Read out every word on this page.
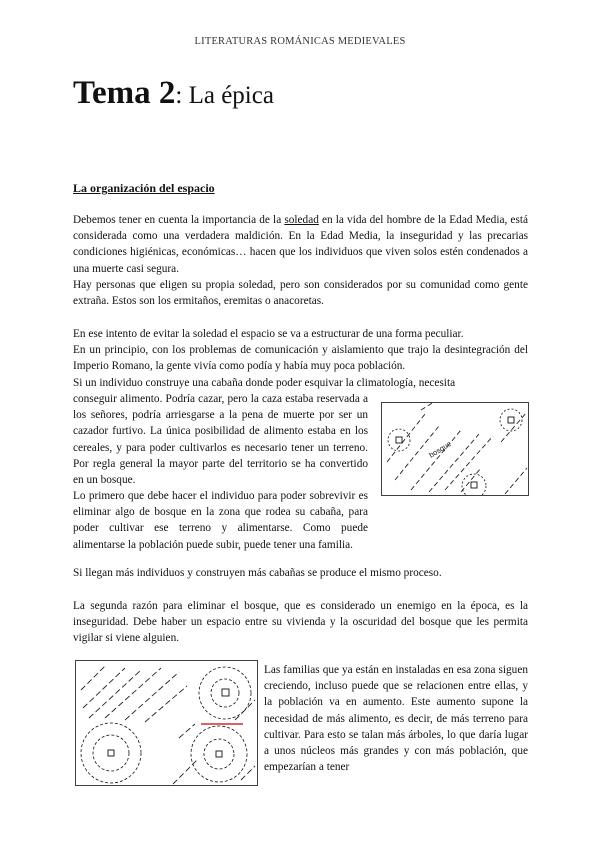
LITERATURAS ROMÁNICAS MEDIEVALES
Tema 2: La épica
La organización del espacio

Debemos tener en cuenta la importancia de la soledad en la vida del hombre de la Edad Media, está considerada como una verdadera maldición. En la Edad Media, la inseguridad y las precarias condiciones higiénicas, económicas… hacen que los individuos que viven solos estén condenados a una muerte casi segura.

Hay personas que eligen su propia soledad, pero son considerados por su comunidad como gente extraña. Estos son los ermitaños, eremitas o anacoretas.

En ese intento de evitar la soledad el espacio se va a estructurar de una forma peculiar.

En un principio, con los problemas de comunicación y aislamiento que trajo la desintegración del Imperio Romano, la gente vivía como podía y había muy poca población.

Si un individuo construye una cabaña donde poder esquivar la climatología, necesita

conseguir alimento. Podría cazar, pero la caza estaba reservada a los señores, podría arriesgarse a la pena de muerte por ser un cazador furtivo. La única posibilidad de alimento estaba en los cereales, y para poder cultivarlos es necesario tener un terreno. Por regla general la mayor parte del territorio se ha convertido en un bosque.

Lo primero que debe hacer el individuo para poder sobrevivir es eliminar algo de bosque en la zona que rodea su cabaña, para poder cultivar ese terreno y alimentarse. Como puede alimentarse la población puede subir, puede tener una familia.

Si llegan más individuos y construyen más cabañas se produce el mismo proceso.

La segunda razón para eliminar el bosque, que es considerado un enemigo en la época, es la inseguridad. Debe haber un espacio entre su vivienda y la oscuridad del bosque que les permita vigilar si viene alguien.

Las familias que ya están en instaladas en esa zona siguen creciendo, incluso puede que se relacionen entre ellas, y la población va en aumento. Este aumento supone la necesidad de más alimento, es decir, de más terreno para cultivar. Para esto se talan más árboles, lo que daría lugar a unos núcleos más grandes y con más población, que empezarían a tener

bosque
